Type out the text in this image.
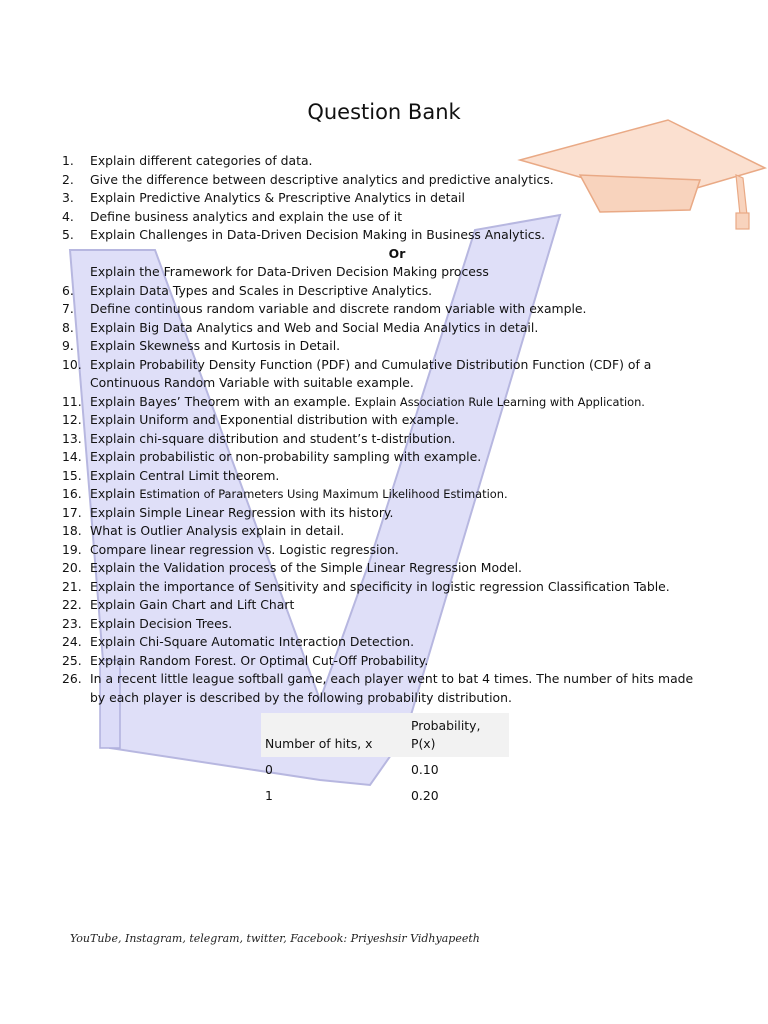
Question Bank
1.	Explain different categories of data.
2.	Give the difference between descriptive analytics and predictive analytics.
3.	Explain Predictive Analytics & Prescriptive Analytics in detail
4.	Define business analytics and explain the use of it
5.	Explain Challenges in Data-Driven Decision Making in Business Analytics.
Or
Explain the Framework for Data-Driven Decision Making process
6.	Explain Data Types and Scales in Descriptive Analytics.
7.	Define continuous random variable and discrete random variable with example.
8.	Explain Big Data Analytics and Web and Social Media Analytics in detail.
9.	Explain Skewness and Kurtosis in Detail.
10. Explain Probability Density Function (PDF) and Cumulative Distribution Function (CDF) of a
Continuous Random Variable with suitable example.
11. Explain Bayes’ Theorem with an example. Explain Association Rule Learning with Application.
12. Explain Uniform and Exponential distribution with example.
13. Explain chi-square distribution and student’s t-distribution.
14. Explain probabilistic or non-probability sampling with example.
15. Explain Central Limit theorem.
16. Explain Estimation of Parameters Using Maximum Likelihood Estimation.
17. Explain Simple Linear Regression with its history.
18. What is Outlier Analysis explain in detail.
19. Compare linear regression vs. Logistic regression.
20. Explain the Validation process of the Simple Linear Regression Model.
21. Explain the importance of Sensitivity and specificity in logistic regression Classification Table.
22. Explain Gain Chart and Lift Chart
23. Explain Decision Trees.
24. Explain Chi-Square Automatic Interaction Detection.
25. Explain Random Forest. Or Optimal Cut-Off Probability.
26. In a recent little league softball game, each player went to bat 4 times. The number of hits made
by each player is described by the following probability distribution.
Number of hits, x	Probability, P(x)
0	0.10
1	0.20
YouTube, Instagram, telegram, twitter, Facebook: Priyeshsir Vidhyapeeth
